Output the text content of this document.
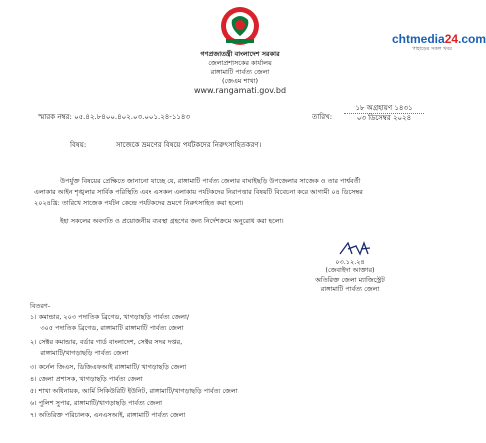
গণপ্রজাতন্ত্রী বাংলাদেশ সরকার
জেলাপ্রশাসকের কার্যালয়
রাঙ্গামাটি পার্বত্য জেলা
(জেএম শাখা)
www.rangamati.gov.bd
chtmedia24.com
পাহাড়ের সকল খবর
স্মারক নম্বর: ০৫.৪২.৮৪০০.৪০২.০৩.০০১.২৪-১১৪৩	তারিখ:
১৮ অগ্রহায়ণ ১৪৩১
০৩ ডিসেম্বর ২০২৪
বিষয়:	সাজেকে ভ্রমণের বিষয়ে পর্যটকদের নিরুৎসাহিতকরণ।
উপর্যুক্ত বিষয়ের প্রেক্ষিতে জানানো যাচ্ছে যে, রাঙ্গামাটি পার্বত্য জেলার বাঘাইছড়ি উপজেলার সাজেক ও তার পার্শ্ববর্তী
এলাকার আইন শৃঙ্খলার সার্বিক পরিস্থিতি এবং এসকল এলাকায় পর্যটকদের নিরাপত্তার বিষয়টি বিবেচনা করে আগামী ০৪ ডিসেম্বর
২০২৪খ্রি: তারিখে সাজেক পর্যটন কেন্দ্রে পর্যটকদের ভ্রমণে নিরুৎসাহিত করা হলো।
ইহা সকলের অবগতি ও প্রয়োজনীয় ব্যবস্থা গ্রহণের জন্য নির্দেশক্রমে অনুরোধ করা হলো।
০৩.১২.২৪
(জেবাইদা আক্তার)
অতিরিক্ত জেলা ম্যাজিস্ট্রেট
রাঙ্গামাটি পার্বত্য জেলা
বিতরণ-
১। কমান্ডার, ২০৩ পদাতিক ব্রিগেড, খাগড়াছড়ি পার্বত্য জেলা/
৩০৫ পদাতিক ব্রিগেড, রাঙ্গামাটি রাঙ্গামাটি পার্বত্য জেলা
২। সেক্টর কমান্ডার, বর্ডার গার্ড বাংলাদেশ, সেক্টর সদর দপ্তর,
রাঙ্গামাটি/খাগড়াছড়ি পার্বত্য জেলা
৩। কর্নেল জিএস, ডিজিএফআই রাঙ্গামাটি/ খাগড়াছড়ি জেলা
৪। জেলা প্রশাসক, খাগড়াছড়ি পার্বত্য জেলা
৫। শাখা অধিনায়ক, আর্মি সিকিউরিটি ইউনিট, রাঙ্গামাটি/খাগড়াছড়ি পার্বত্য জেলা
৬। পুলিশ সুপার, রাঙ্গামাটি/খাগড়াছড়ি পার্বত্য জেলা
৭। অতিরিক্ত পরিচালক, এনএসআই, রাঙ্গামাটি পার্বত্য জেলা
